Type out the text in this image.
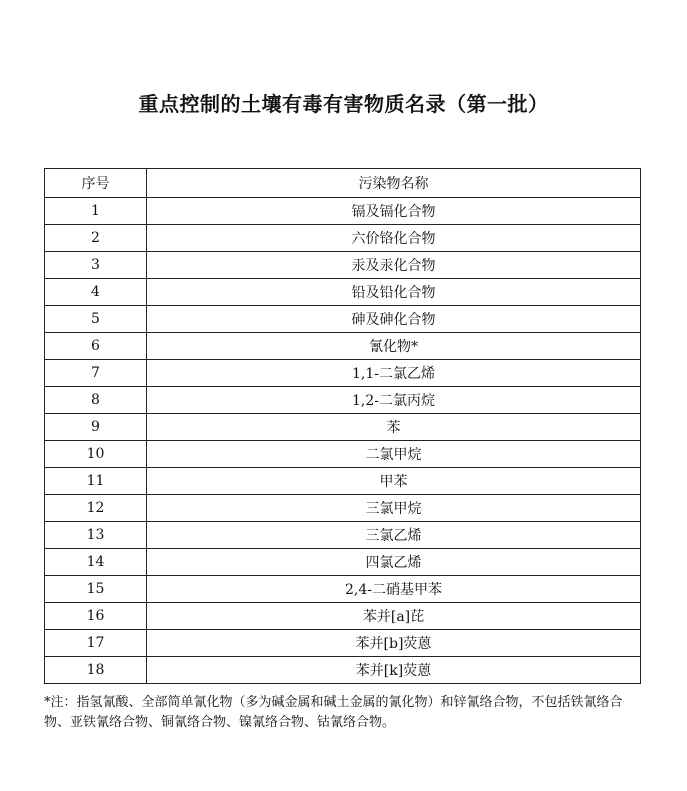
重点控制的土壤有毒有害物质名录（第一批）
序号	污染物名称
1	镉及镉化合物
2	六价铬化合物
3	汞及汞化合物
4	铅及铅化合物
5	砷及砷化合物
6	氰化物*
7	1,1-二氯乙烯
8	1,2-二氯丙烷
9	苯
10	二氯甲烷
11	甲苯
12	三氯甲烷
13	三氯乙烯
14	四氯乙烯
15	2,4-二硝基甲苯
16	苯并[a]芘
17	苯并[b]荧蒽
18	苯并[k]荧蒽
*注：指氢氰酸、全部简单氰化物（多为碱金属和碱土金属的氰化物）和锌氰络合物，不包括铁氰络合物、亚铁氰络合物、铜氰络合物、镍氰络合物、钴氰络合物。
